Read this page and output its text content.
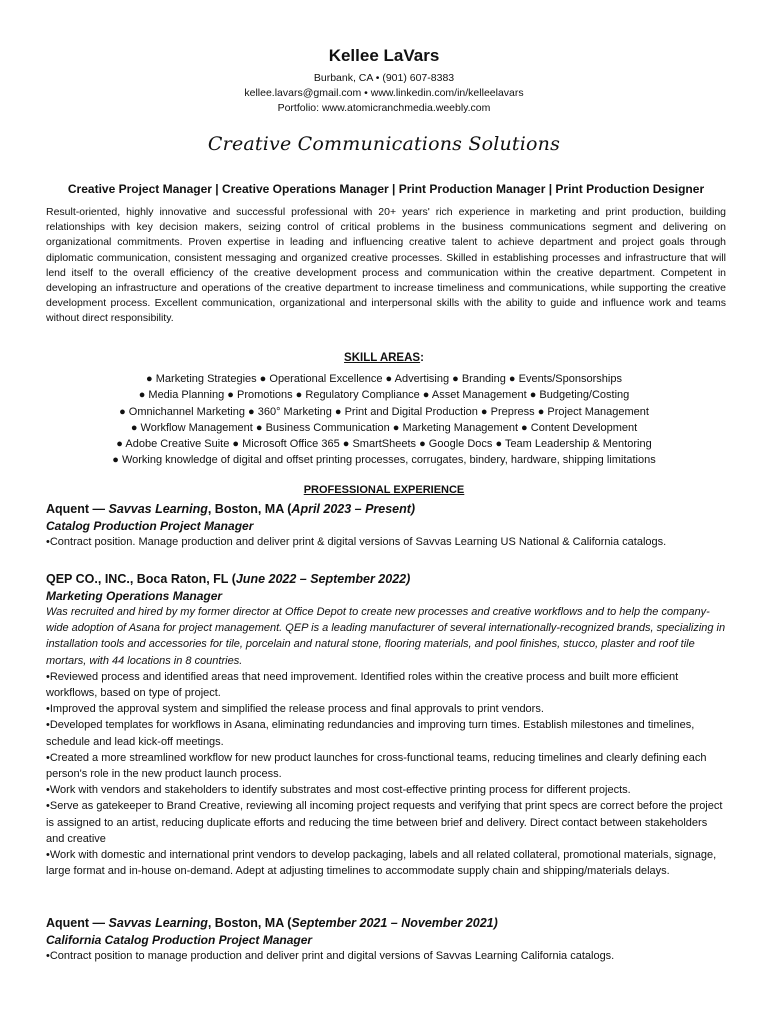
Kellee LaVars
Burbank, CA • (901) 607-8383
kellee.lavars@gmail.com • www.linkedin.com/in/kelleelavars
Portfolio: www.atomicranchmedia.weebly.com
Creative Communications Solutions
Creative Project Manager | Creative Operations Manager | Print Production Manager | Print Production Designer

Result-oriented, highly innovative and successful professional with 20+ years' rich experience in marketing and print production, building relationships with key decision makers, seizing control of critical problems in the business communications segment and delivering on organizational commitments. Proven expertise in leading and influencing creative talent to achieve department and project goals through diplomatic communication, consistent messaging and organized creative processes. Skilled in establishing processes and infrastructure that will lend itself to the overall efficiency of the creative development process and communication within the creative department. Competent in developing an infrastructure and operations of the creative department to increase timeliness and communications, while supporting the creative development process. Excellent communication, organizational and interpersonal skills with the ability to guide and influence work and teams without direct responsibility.

SKILL AREAS:
● Marketing Strategies ● Operational Excellence ● Advertising ● Branding ● Events/Sponsorships
● Media Planning ● Promotions ● Regulatory Compliance ● Asset Management ● Budgeting/Costing
● Omnichannel Marketing ● 360° Marketing ● Print and Digital Production ● Prepress ● Project Management
● Workflow Management ● Business Communication ● Marketing Management ● Content Development
● Adobe Creative Suite ● Microsoft Office 365 ● SmartSheets ● Google Docs ● Team Leadership & Mentoring
● Working knowledge of digital and offset printing processes, corrugates, bindery, hardware, shipping limitations
PROFESSIONAL EXPERIENCE
Aquent — Savvas Learning, Boston, MA (April 2023 – Present)
Catalog Production Project Manager
• Contract position. Manage production and deliver print & digital versions of Savvas Learning US National & California catalogs.
QEP CO., INC., Boca Raton, FL (June 2022 – September 2022)
Marketing Operations Manager

Was recruited and hired by my former director at Office Depot to create new processes and creative workflows and to help the company-wide adoption of Asana for project management. QEP is a leading manufacturer of several internationally-recognized brands, specializing in installation tools and accessories for tile, porcelain and natural stone, flooring materials, and pool finishes, stucco, plaster and roof tile mortars, with 44 locations in 8 countries.

• Reviewed process and identified areas that need improvement. Identified roles within the creative process and built more efficient workflows, based on type of project.
• Improved the approval system and simplified the release process and final approvals to print vendors.
• Developed templates for workflows in Asana, eliminating redundancies and improving turn times. Establish milestones and timelines, schedule and lead kick-off meetings.
• Created a more streamlined workflow for new product launches for cross-functional teams, reducing timelines and clearly defining each person's role in the new product launch process.
• Work with vendors and stakeholders to identify substrates and most cost-effective printing process for different projects.
• Serve as gatekeeper to Brand Creative, reviewing all incoming project requests and verifying that print specs are correct before the project is assigned to an artist, reducing duplicate efforts and reducing the time between brief and delivery. Direct contact between stakeholders and creative
• Work with domestic and international print vendors to develop packaging, labels and all related collateral, promotional materials, signage, large format and in-house on-demand. Adept at adjusting timelines to accommodate supply chain and shipping/materials delays.
Aquent — Savvas Learning, Boston, MA (September 2021 – November 2021)
California Catalog Production Project Manager
• Contract position to manage production and deliver print and digital versions of Savvas Learning California catalogs.
